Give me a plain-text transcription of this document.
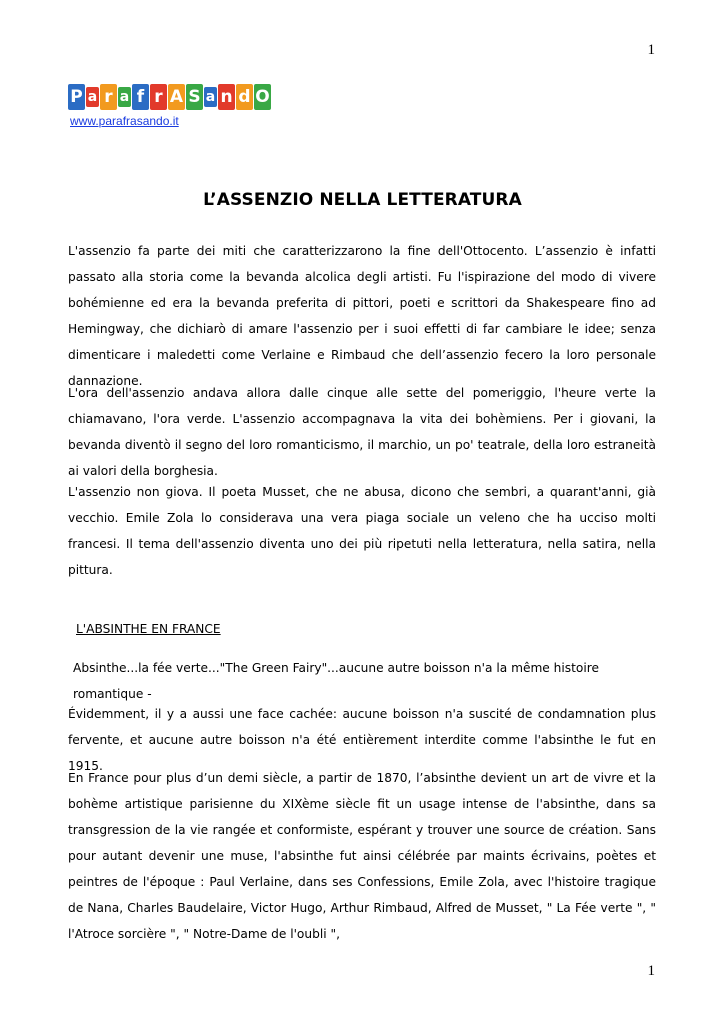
1
P a r a f r A S a n d O
www.parafrasando.it
L’ASSENZIO NELLA LETTERATURA

L'assenzio fa parte dei miti che caratterizzarono la fine dell'Ottocento. L’assenzio è infatti passato alla storia come la bevanda alcolica degli artisti. Fu l'ispirazione del modo di vivere bohémienne ed era la bevanda preferita di pittori, poeti e scrittori da Shakespeare fino ad Hemingway, che dichiarò di amare l'assenzio per i suoi effetti di far cambiare le idee; senza dimenticare i maledetti come Verlaine e Rimbaud che dell’assenzio fecero la loro personale dannazione.

L'ora dell'assenzio andava allora dalle cinque alle sette del pomeriggio, l'heure verte la chiamavano, l'ora verde. L'assenzio accompagnava la vita dei bohèmiens. Per i giovani, la bevanda diventò il segno del loro romanticismo, il marchio, un po' teatrale, della loro estraneità ai valori della borghesia.

L'assenzio non giova. Il poeta Musset, che ne abusa, dicono che sembri, a quarant'anni, già vecchio. Emile Zola lo considerava una vera piaga sociale un veleno che ha ucciso molti francesi. Il tema dell'assenzio diventa uno dei più ripetuti nella letteratura, nella satira, nella pittura.

L'ABSINTHE EN FRANCE

Absinthe...la fée verte..."The Green Fairy"...aucune autre boisson n'a la même histoire romantique -

Évidemment, il y a aussi une face cachée: aucune boisson n'a suscité de condamnation plus fervente, et aucune autre boisson n'a été entièrement interdite comme l'absinthe le fut en 1915.

En France pour plus d’un demi siècle, a partir de 1870, l’absinthe devient un art de vivre et la bohème artistique parisienne du XIXème siècle fit un usage intense de l'absinthe, dans sa transgression de la vie rangée et conformiste, espérant y trouver une source de création. Sans pour autant devenir une muse, l'absinthe fut ainsi célébrée par maints écrivains, poètes et peintres de l'époque : Paul Verlaine, dans ses Confessions, Emile Zola, avec l'histoire tragique de Nana, Charles Baudelaire, Victor Hugo, Arthur Rimbaud, Alfred de Musset, " La Fée verte ", " l'Atroce sorcière ", " Notre-Dame de l'oubli ",

1
